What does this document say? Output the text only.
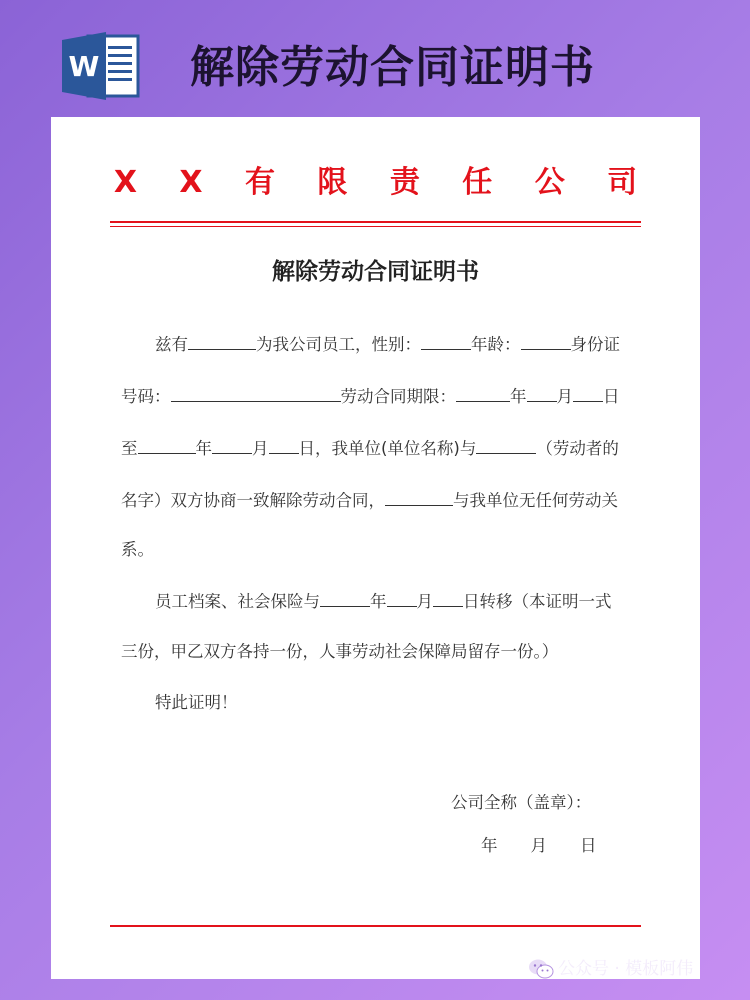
W 解除劳动合同证明书
X X 有 限 责 任 公 司
解除劳动合同证明书
兹有	为我公司员工，性别：	年龄：	身份证
号码：	劳动合同期限：	年 月 日
至	年 月 日，我单位(单位名称)与	（劳动者的
名字）双方协商一致解除劳动合同，	与我单位无任何劳动关
系。
员工档案、社会保险与	年 月 日转移（本证明一式
三份，甲乙双方各持一份，人事劳动社会保障局留存一份。）
特此证明！
公司全称（盖章）：
年　　月　　日
公众号 · 模板阿伟
